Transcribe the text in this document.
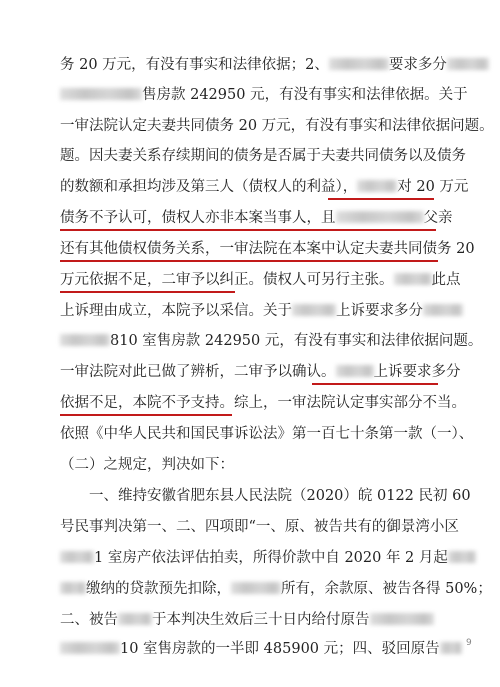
务 20 万元，有没有事实和法律依据；2、	要求多分
售房款 242950 元，有没有事实和法律依据。关于
一审法院认定夫妻共同债务 20 万元，有没有事实和法律依据问题。
题。因夫妻关系存续期间的债务是否属于夫妻共同债务以及债务
的数额和承担均涉及第三人（债权人的利益），	对 20 万元
债务不予认可，债权人亦非本案当事人，且	父亲
还有其他债权债务关系，一审法院在本案中认定夫妻共同债务 20
万元依据不足，二审予以纠正。债权人可另行主张。	此点
上诉理由成立，本院予以采信。关于	上诉要求多分
810 室售房款 242950 元，有没有事实和法律依据问题。
一审法院对此已做了辨析，二审予以确认。	上诉要求多分
依据不足，本院不予支持。综上，一审法院认定事实部分不当。
依照《中华人民共和国民事诉讼法》第一百七十条第一款（一）、
（二）之规定，判决如下：
一、维持安徽省肥东县人民法院（2020）皖 0122 民初 60
号民事判决第一、二、四项即“一、原、被告共有的御景湾小区
1 室房产依法评估拍卖，所得价款中自 2020 年 2 月起
缴纳的贷款预先扣除，	所有，余款原、被告各得 50%；
二、被告 于本判决生效后三十日内给付原告
10 室售房款的一半即 485900 元；四、驳回原告	9
